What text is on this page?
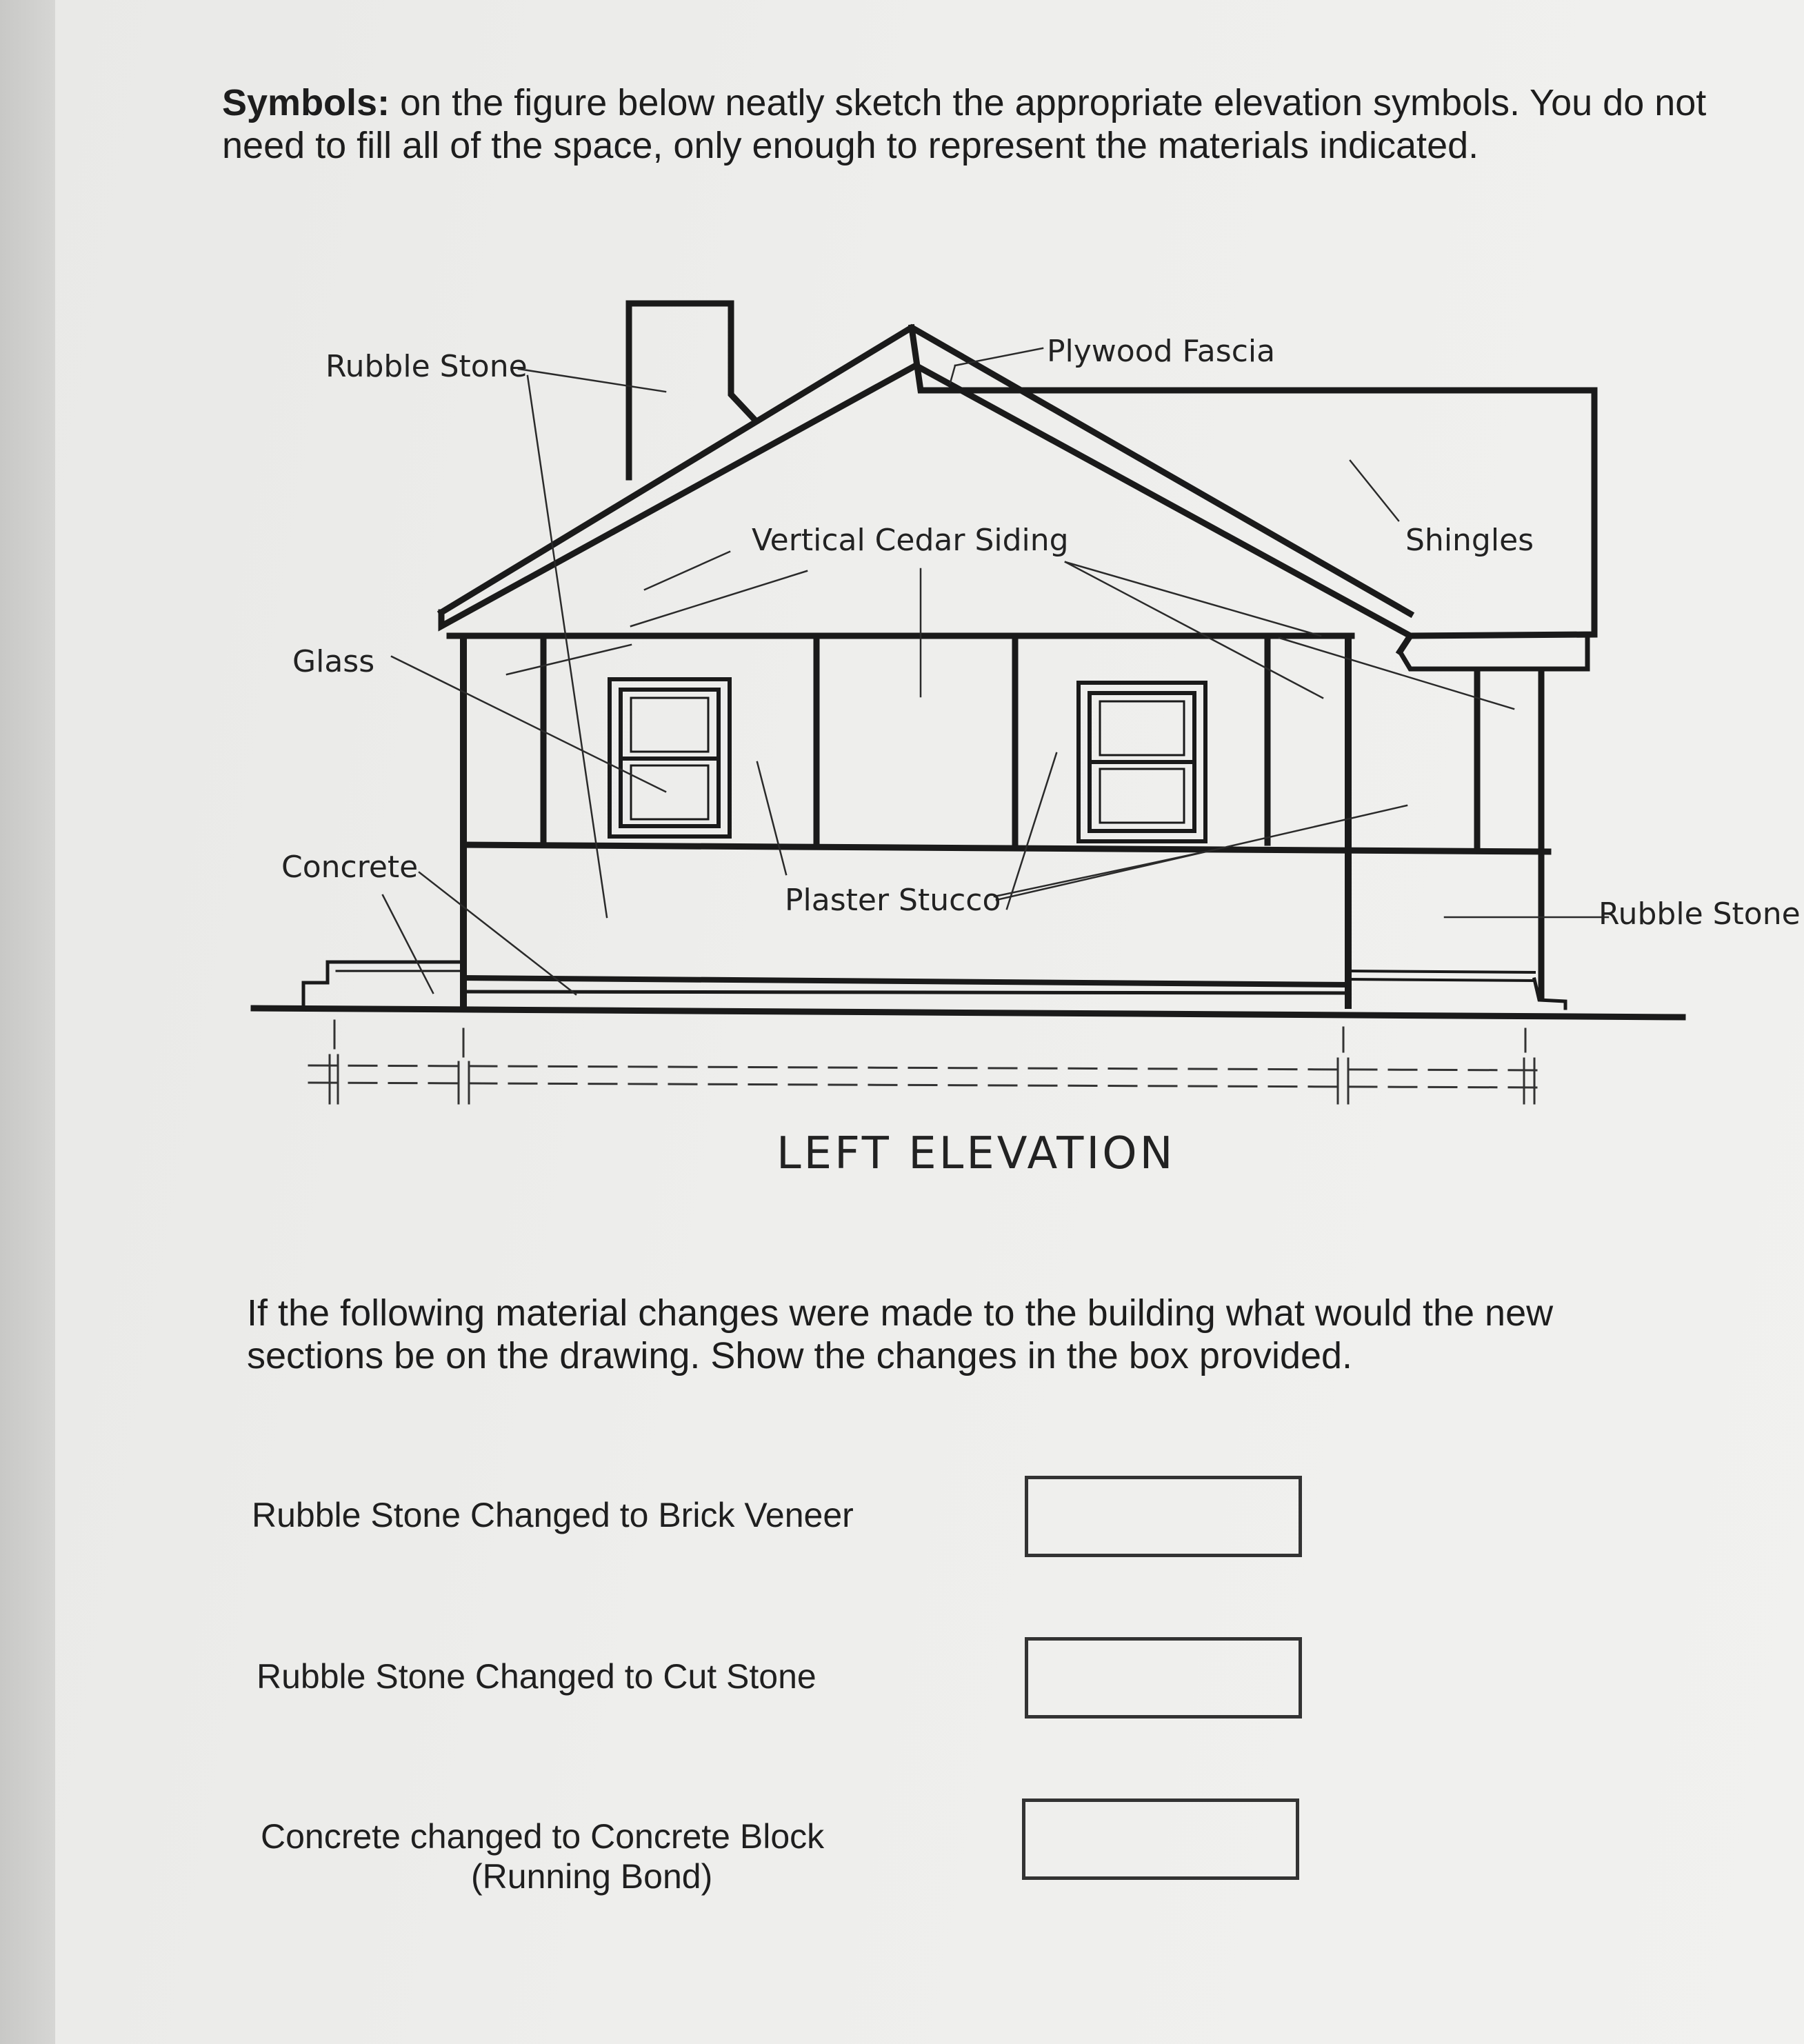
Symbols: on the figure below neatly sketch the appropriate elevation symbols. You do not need to fill all of the space, only enough to represent the materials indicated.

Rubble Stone	Plywood Fascia
Vertical Cedar Siding	Shingles
Glass
Concrete
Plaster Stucco	Rubble Stone
LEFT ELEVATION

If the following material changes were made to the building what would the new sections be on the drawing. Show the changes in the box provided.

Rubble Stone Changed to Brick Veneer

Rubble Stone Changed to Cut Stone

Concrete changed to Concrete Block
(Running Bond)
